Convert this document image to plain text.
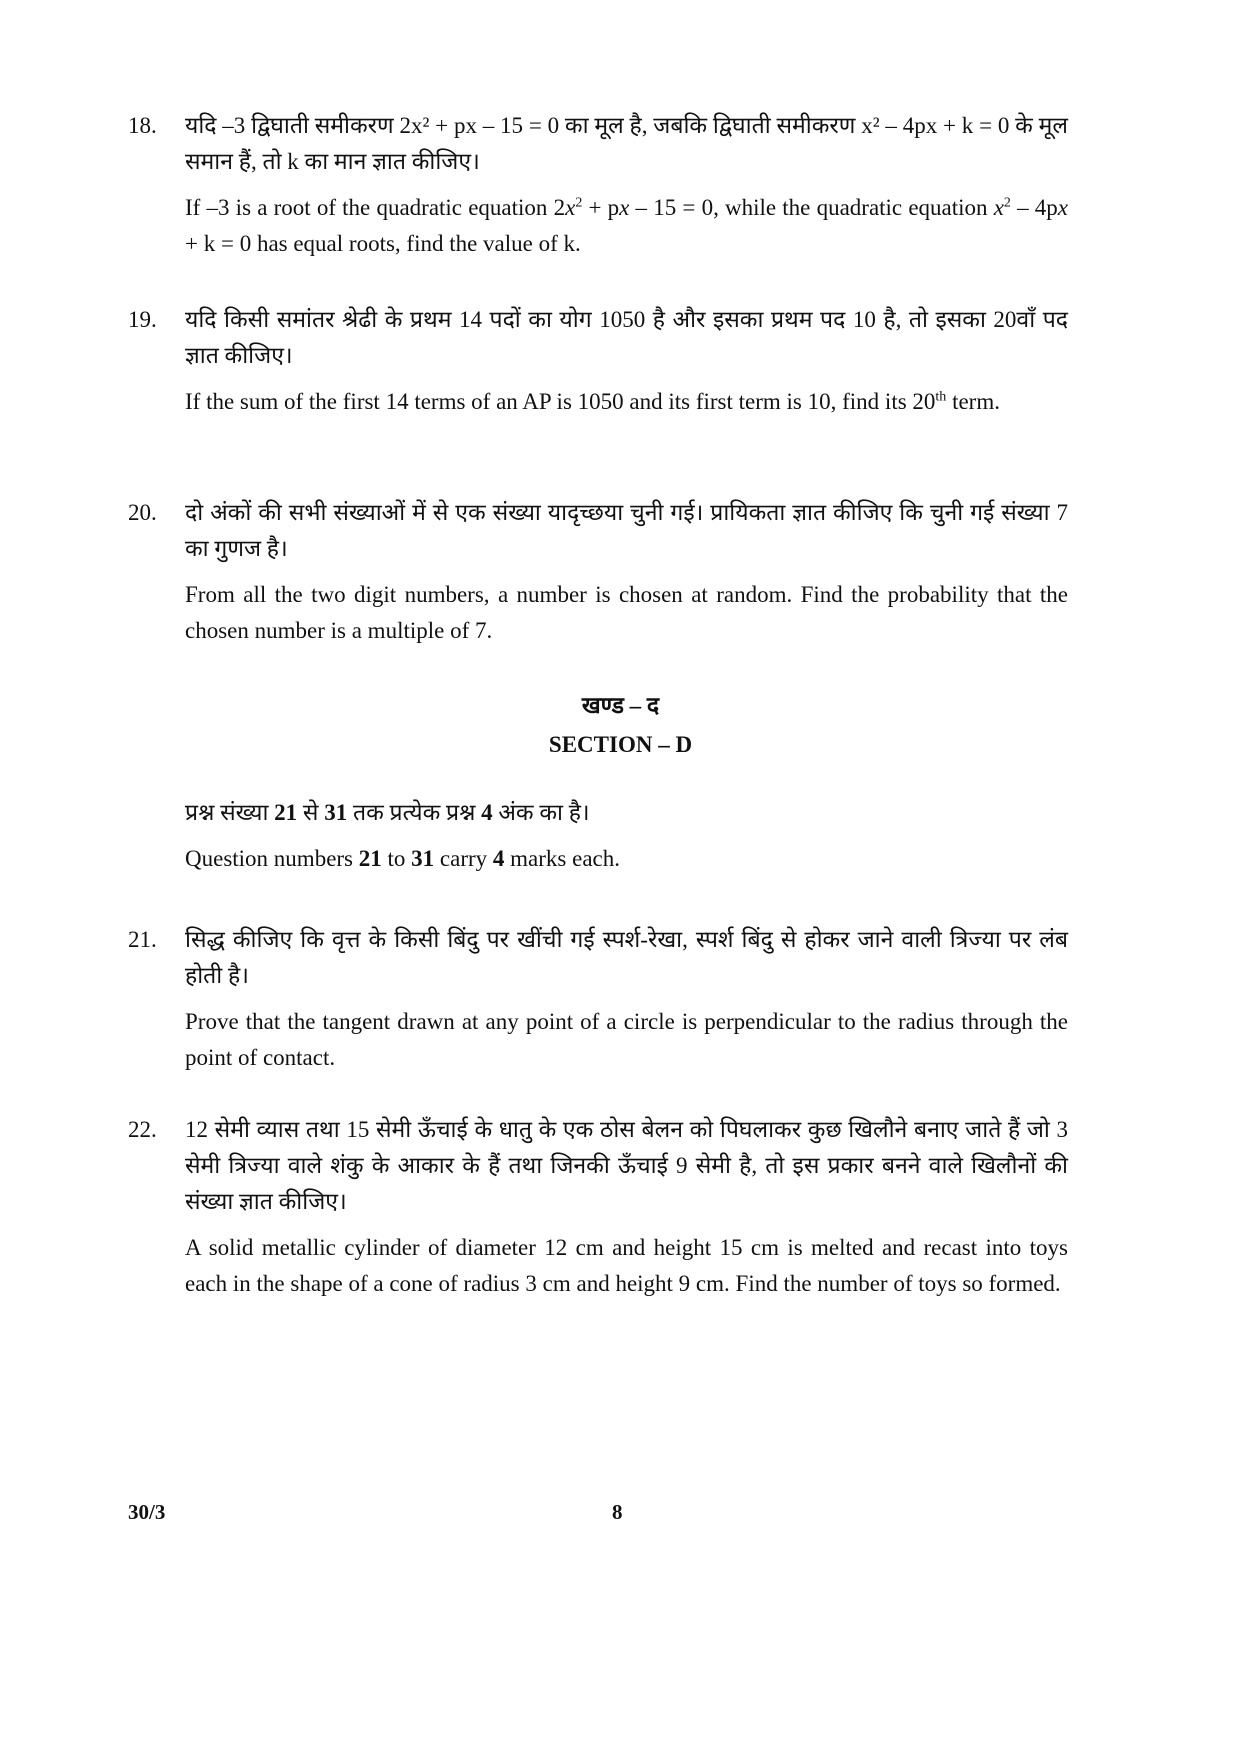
18.	यदि –3 द्विघाती समीकरण 2x² + px – 15 = 0 का मूल है, जबकि द्विघाती समीकरण x² – 4px + k = 0 के मूल समान हैं, तो k का मान ज्ञात कीजिए।

If –3 is a root of the quadratic equation $2x^2$ + px – 15 = 0, while the quadratic equation $x^2 - 4px + k = 0$ has equal roots, find the value of k.

19.	यदि किसी समांतर श्रेढी के प्रथम 14 पदों का योग 1050 है और इसका प्रथम पद 10 है, तो इसका 20वाँ पद ज्ञात कीजिए।

If the sum of the first 14 terms of an AP is 1050 and its first term is 10, find its 20th term.

20.	दो अंकों की सभी संख्याओं में से एक संख्या यादृच्छया चुनी गई। प्रायिकता ज्ञात कीजिए कि चुनी गई संख्या 7 का गुणज है।

From all the two digit numbers, a number is chosen at random. Find the probability that the chosen number is a multiple of 7.

खण्ड – द
SECTION – D

प्रश्न संख्या 21 से 31 तक प्रत्येक प्रश्न 4 अंक का है।

Question numbers 21 to 31 carry 4 marks each.

21.	सिद्ध कीजिए कि वृत्त के किसी बिंदु पर खींची गई स्पर्श-रेखा, स्पर्श बिंदु से होकर जाने वाली त्रिज्या पर लंब होती है।

Prove that the tangent drawn at any point of a circle is perpendicular to the radius through the point of contact.

22.	12 सेमी व्यास तथा 15 सेमी ऊँचाई के धातु के एक ठोस बेलन को पिघलाकर कुछ खिलौने बनाए जाते हैं जो 3 सेमी त्रिज्या वाले शंकु के आकार के हैं तथा जिनकी ऊँचाई 9 सेमी है, तो इस प्रकार बनने वाले खिलौनों की संख्या ज्ञात कीजिए।

A solid metallic cylinder of diameter 12 cm and height 15 cm is melted and recast into toys each in the shape of a cone of radius 3 cm and height 9 cm. Find the number of toys so formed.

30/3	8
